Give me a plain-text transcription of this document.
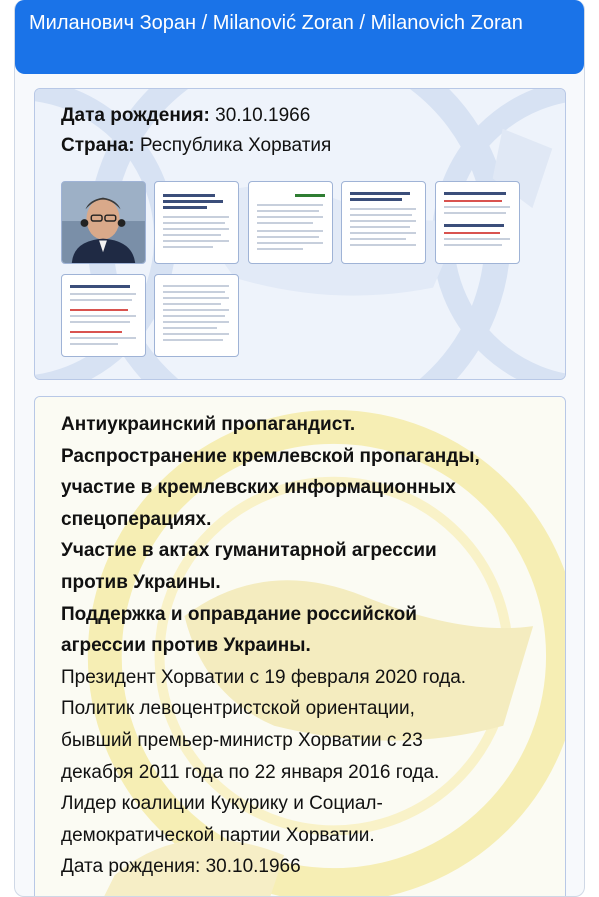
Миланович Зоран / Milanović Zoran / Milanovich Zoran
Дата рождения: 30.10.1966
Страна: Республика Хорватия
Антиукраинский пропагандист.
Распространение кремлевской пропаганды,
участие в кремлевских информационных
спецоперациях.
Участие в актах гуманитарной агрессии
против Украины.
Поддержка и оправдание российской
агрессии против Украины.
Президент Хорватии с 19 февраля 2020 года.
Политик левоцентристской ориентации,
бывший премьер-министр Хорватии с 23
декабря 2011 года по 22 января 2016 года.
Лидер коалиции Кукурику и Социал-
демократической партии Хорватии.
Дата рождения: 30.10.1966
